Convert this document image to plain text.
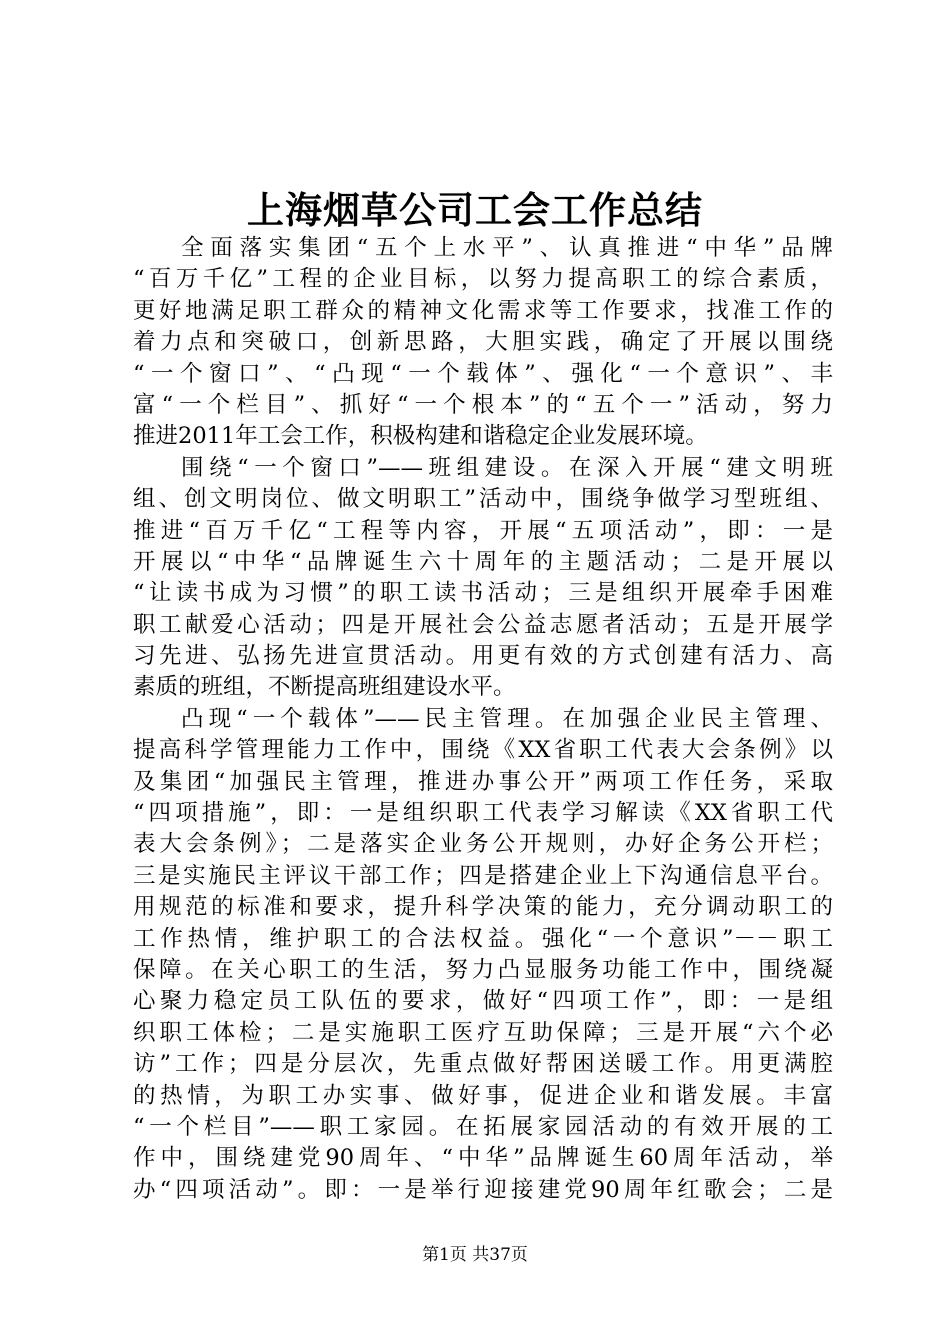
上海烟草公司工会工作总结

全面落实集团“五个上水平”、认真推进“中华”品牌

“百万千亿”工程的企业目标，以努力提高职工的综合素质，

更好地满足职工群众的精神文化需求等工作要求，找准工作的

着力点和突破口，创新思路，大胆实践，确定了开展以围绕

“一个窗口”、“凸现“一个载体”、强化“一个意识”、丰

富“一个栏目”、抓好“一个根本”的“五个一”活动，努力

推进2011年工会工作，积极构建和谐稳定企业发展环境。

围绕“一个窗口”——班组建设。在深入开展“建文明班

组、创文明岗位、做文明职工”活动中，围绕争做学习型班组、

推进“百万千亿“工程等内容，开展“五项活动”，即：一是

开展以“中华“品牌诞生六十周年的主题活动；二是开展以

“让读书成为习惯”的职工读书活动；三是组织开展牵手困难

职工献爱心活动；四是开展社会公益志愿者活动；五是开展学

习先进、弘扬先进宣贯活动。用更有效的方式创建有活力、高

素质的班组，不断提高班组建设水平。

凸现“一个载体”——民主管理。在加强企业民主管理、

提高科学管理能力工作中，围绕《XX省职工代表大会条例》以

及集团“加强民主管理，推进办事公开”两项工作任务，采取

“四项措施”，即：一是组织职工代表学习解读《XX省职工代

表大会条例》；二是落实企业务公开规则，办好企务公开栏；

三是实施民主评议干部工作；四是搭建企业上下沟通信息平台。

用规范的标准和要求，提升科学决策的能力，充分调动职工的

工作热情，维护职工的合法权益。强化“一个意识”－－职工

保障。在关心职工的生活，努力凸显服务功能工作中，围绕凝

心聚力稳定员工队伍的要求，做好“四项工作”，即：一是组

织职工体检；二是实施职工医疗互助保障；三是开展“六个必

访”工作；四是分层次，先重点做好帮困送暖工作。用更满腔

的热情，为职工办实事、做好事，促进企业和谐发展。丰富

“一个栏目”——职工家园。在拓展家园活动的有效开展的工

作中，围绕建党90周年、“中华”品牌诞生60周年活动，举

办“四项活动”。即：一是举行迎接建党90周年红歌会；二是

第1页 共37页
